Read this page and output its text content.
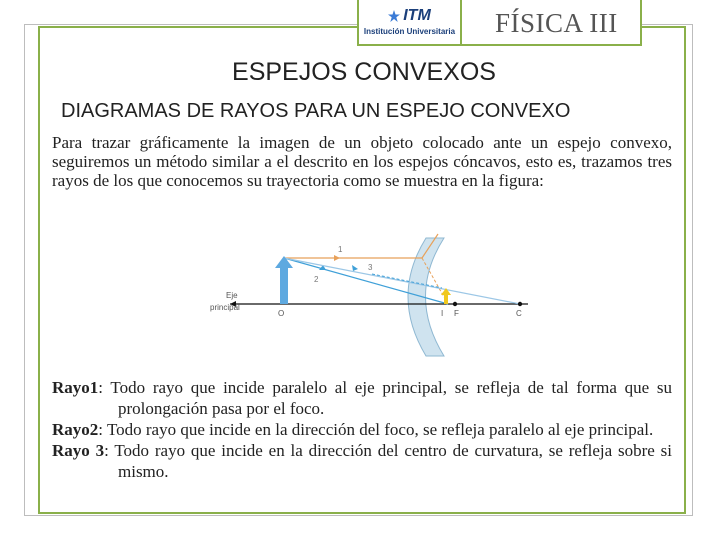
ITM
Institución Universitaria FÍSICA III
ESPEJOS CONVEXOS
DIAGRAMAS DE RAYOS PARA UN ESPEJO CONVEXO
Para trazar gráficamente la imagen de un objeto colocado ante un espejo convexo, seguiremos un método similar a el descrito en los espejos cóncavos, esto es, trazamos tres rayos de los que conocemos su trayectoria como se muestra en la figura:
1
2
3
Eje
principal
O	I F	C
Rayo1: Todo rayo que incide paralelo al eje principal, se refleja de tal forma que su prolongación pasa por el foco.
Rayo2: Todo rayo que incide en la dirección del foco, se refleja paralelo al eje principal.
Rayo 3: Todo rayo que incide en la dirección del centro de curvatura, se refleja sobre si mismo.
